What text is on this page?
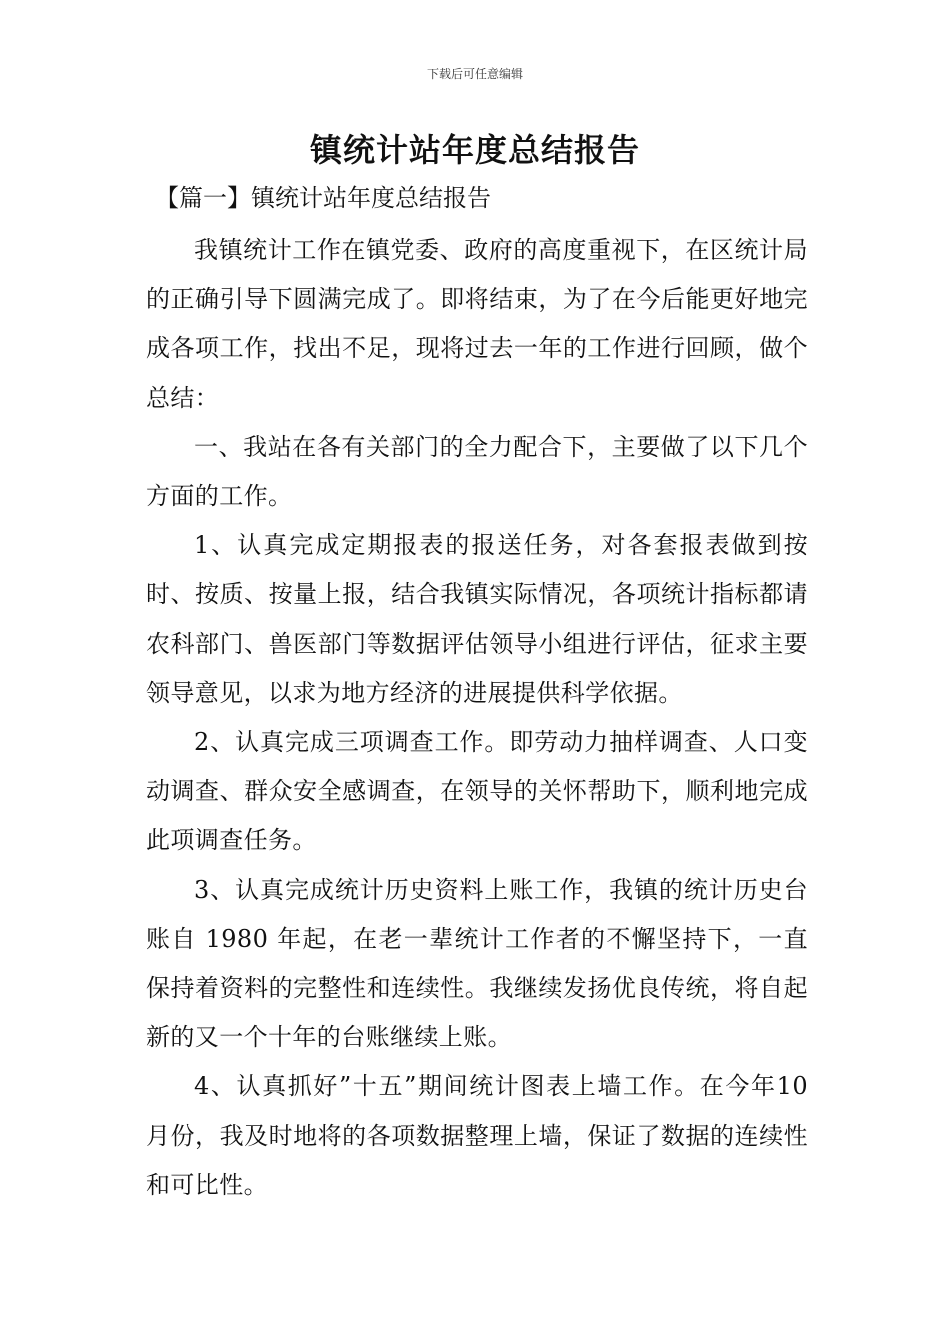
下载后可任意编辑
镇统计站年度总结报告
【篇一】镇统计站年度总结报告

我镇统计工作在镇党委、政府的高度重视下，在区统计局的正确引导下圆满完成了。即将结束，为了在今后能更好地完成各项工作，找出不足，现将过去一年的工作进行回顾，做个总结：

一、我站在各有关部门的全力配合下，主要做了以下几个方面的工作。

1、认真完成定期报表的报送任务，对各套报表做到按时、按质、按量上报，结合我镇实际情况，各项统计指标都请农科部门、兽医部门等数据评估领导小组进行评估，征求主要领导意见，以求为地方经济的进展提供科学依据。

2、认真完成三项调查工作。即劳动力抽样调查、人口变动调查、群众安全感调查，在领导的关怀帮助下，顺利地完成此项调查任务。

3、认真完成统计历史资料上账工作，我镇的统计历史台账自 1980 年起，在老一辈统计工作者的不懈坚持下，一直保持着资料的完整性和连续性。我继续发扬优良传统，将自起新的又一个十年的台账继续上账。

4、认真抓好”十五”期间统计图表上墙工作。在今年10 月份，我及时地将的各项数据整理上墙，保证了数据的连续性和可比性。
